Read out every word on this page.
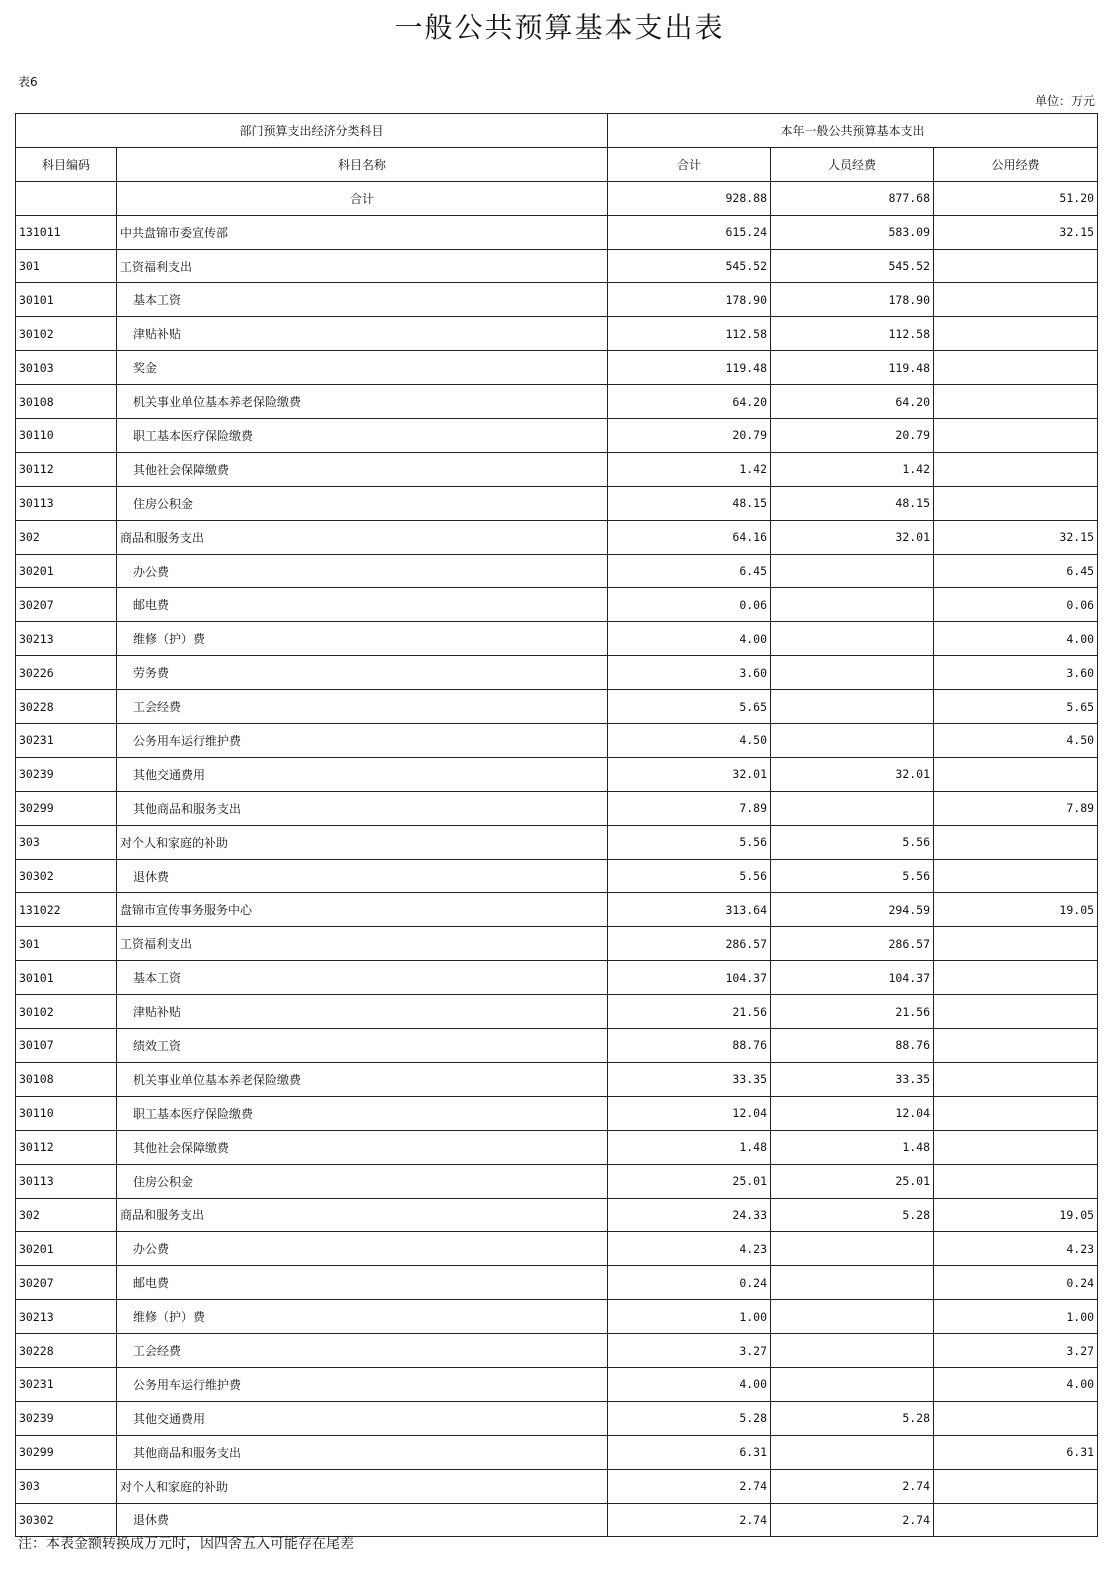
一般公共预算基本支出表
表6
单位：万元
部门预算支出经济分类科目		本年一般公共预算基本支出		
科目编码	科目名称	合计	人员经费	公用经费
	合计	928.88	877.68	51.20
131011	中共盘锦市委宣传部	615.24	583.09	32.15
301	工资福利支出	545.52	545.52	
30101	基本工资	178.90	178.90	
30102	津贴补贴	112.58	112.58	
30103	奖金	119.48	119.48	
30108	机关事业单位基本养老保险缴费	64.20	64.20	
30110	职工基本医疗保险缴费	20.79	20.79	
30112	其他社会保障缴费	1.42	1.42	
30113	住房公积金	48.15	48.15	
302	商品和服务支出	64.16	32.01	32.15
30201	办公费	6.45		6.45
30207	邮电费	0.06		0.06
30213	维修（护）费	4.00		4.00
30226	劳务费	3.60		3.60
30228	工会经费	5.65		5.65
30231	公务用车运行维护费	4.50		4.50
30239	其他交通费用	32.01	32.01	
30299	其他商品和服务支出	7.89		7.89
303	对个人和家庭的补助	5.56	5.56	
30302	退休费	5.56	5.56	
131022	盘锦市宣传事务服务中心	313.64	294.59	19.05
301	工资福利支出	286.57	286.57	
30101	基本工资	104.37	104.37	
30102	津贴补贴	21.56	21.56	
30107	绩效工资	88.76	88.76	
30108	机关事业单位基本养老保险缴费	33.35	33.35	
30110	职工基本医疗保险缴费	12.04	12.04	
30112	其他社会保障缴费	1.48	1.48	
30113	住房公积金	25.01	25.01	
302	商品和服务支出	24.33	5.28	19.05
30201	办公费	4.23		4.23
30207	邮电费	0.24		0.24
30213	维修（护）费	1.00		1.00
30228	工会经费	3.27		3.27
30231	公务用车运行维护费	4.00		4.00
30239	其他交通费用	5.28	5.28	
30299	其他商品和服务支出	6.31		6.31
303	对个人和家庭的补助	2.74	2.74	
30302	退休费	2.74	2.74	
注：本表金额转换成万元时，因四舍五入可能存在尾差
